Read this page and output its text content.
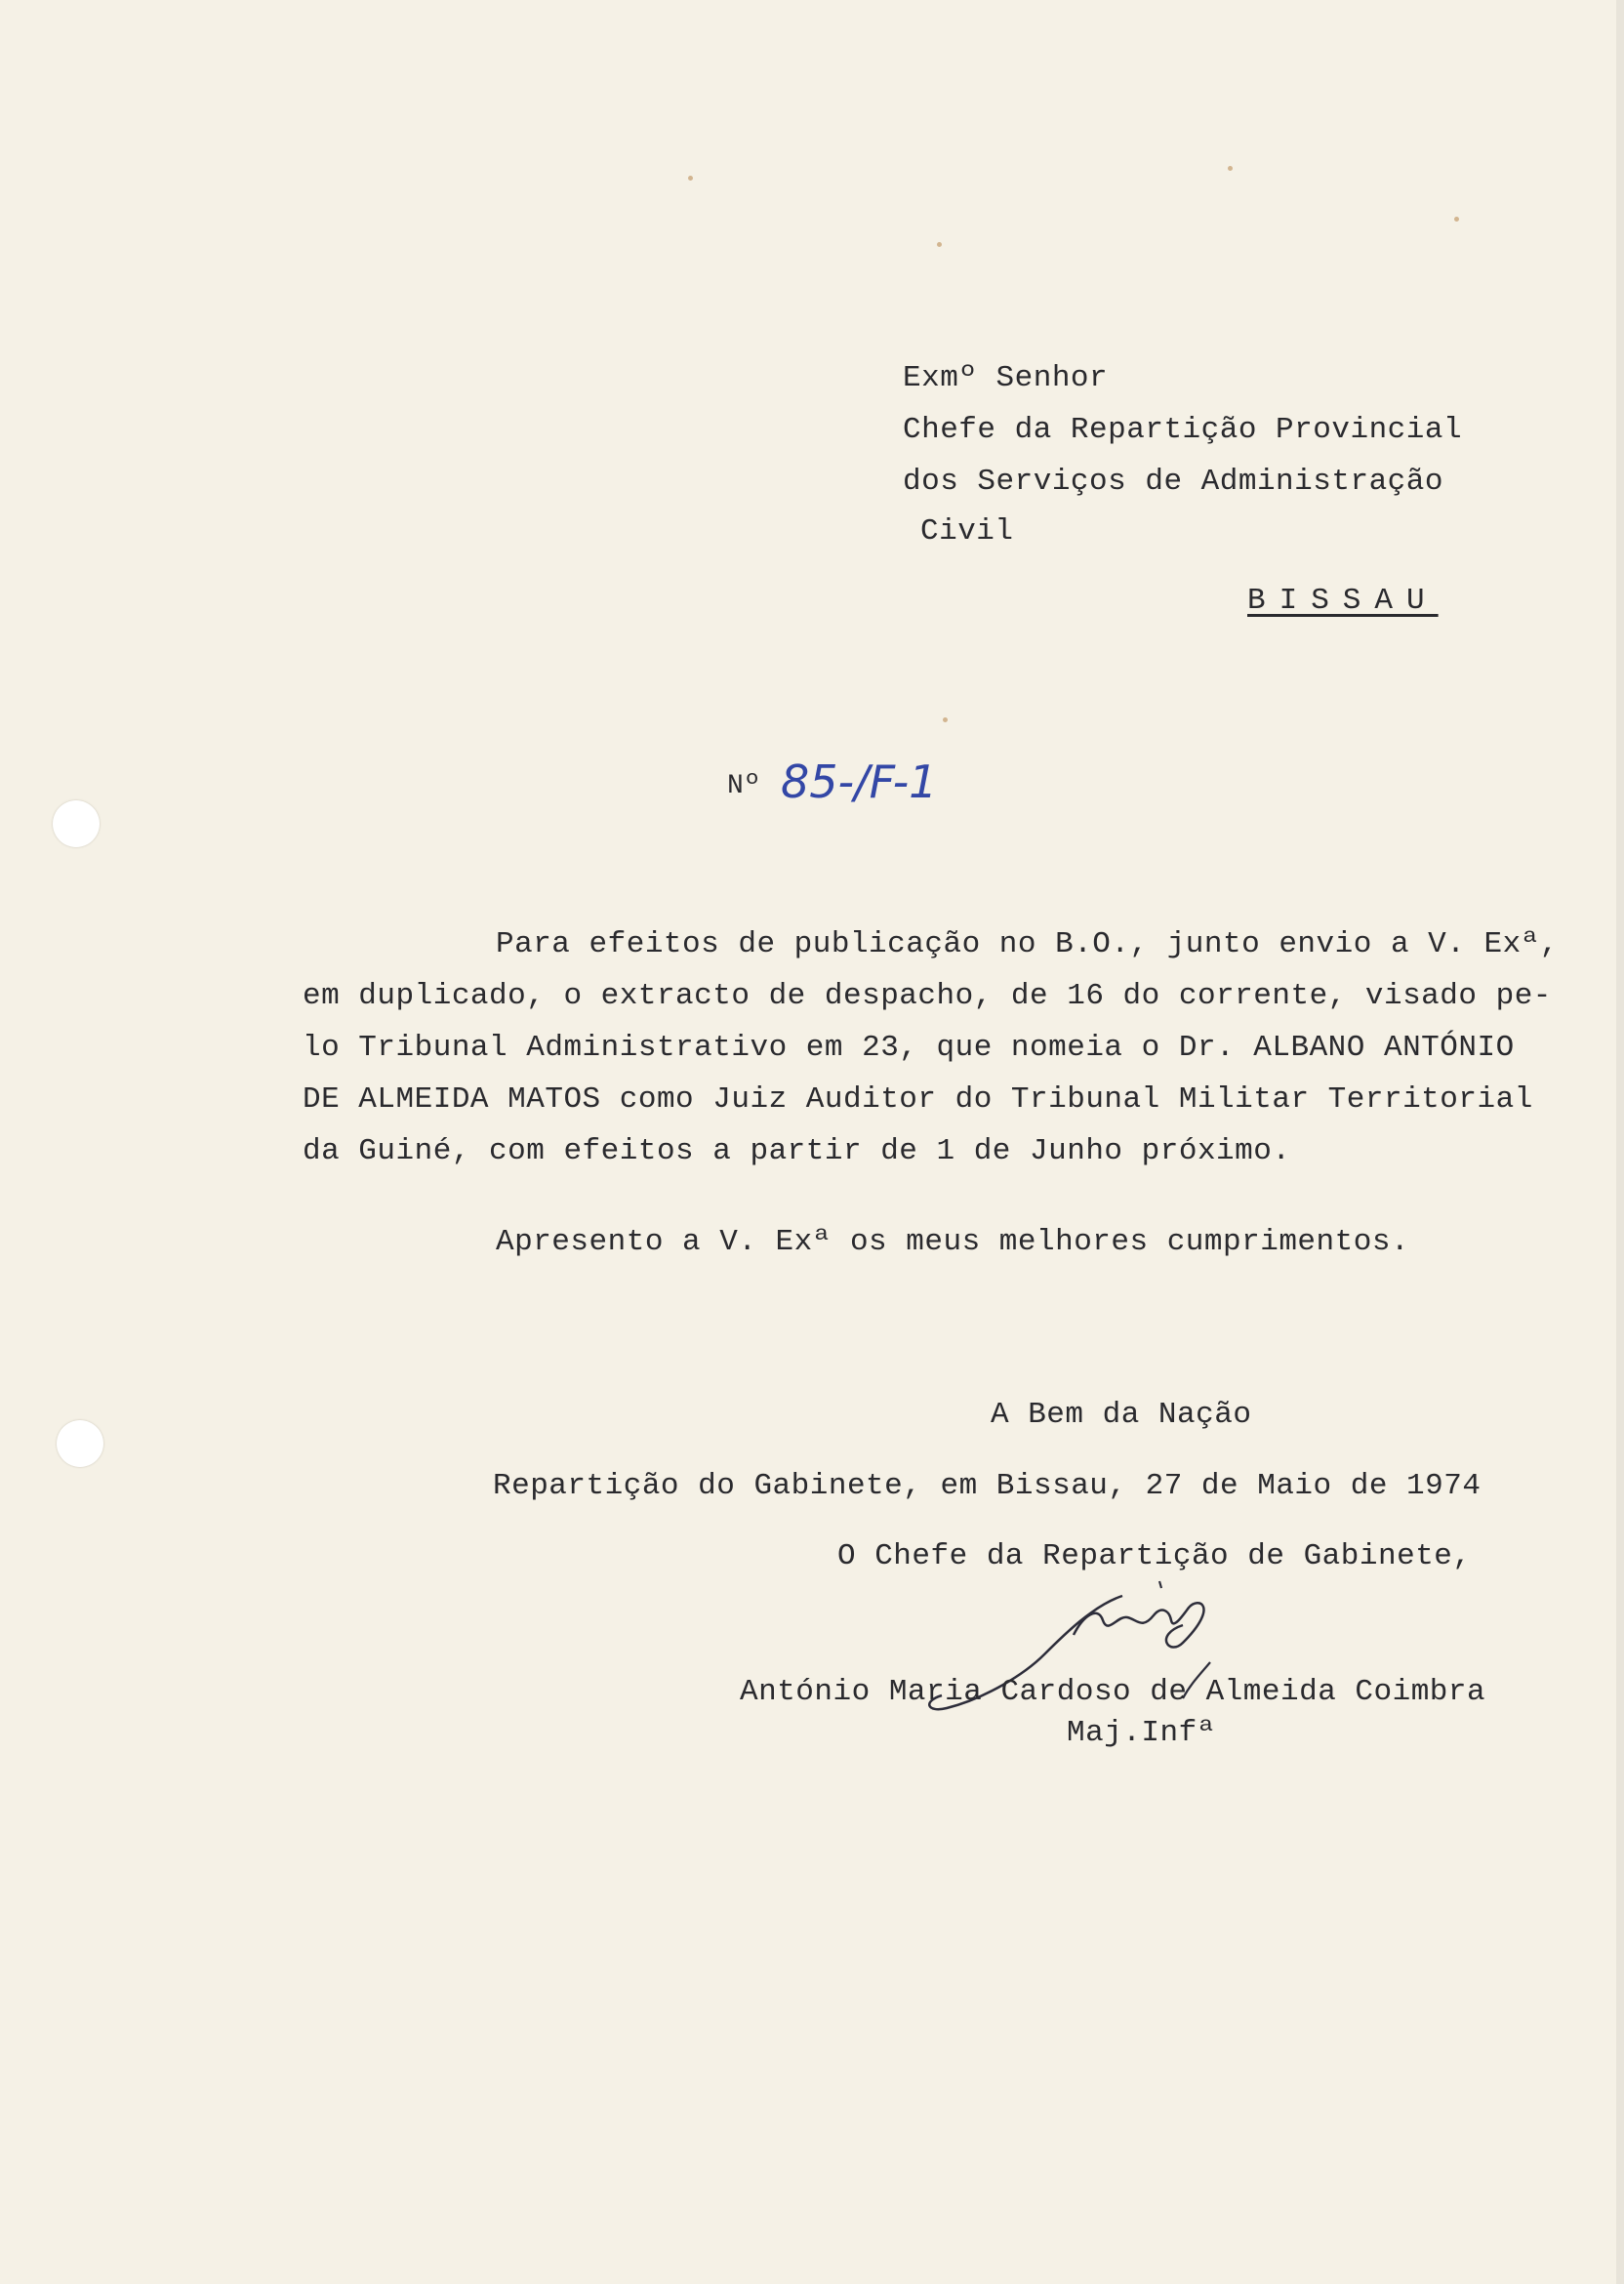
Exmº Senhor
Chefe da Repartição Provincial
dos Serviços de Administração
Civil
BISSAU
Nº 85-/F-1
Para efeitos de publicação no B.O., junto envio a V. Exª,
em duplicado, o extracto de despacho, de 16 do corrente, visado pe-
lo Tribunal Administrativo em 23, que nomeia o Dr. ALBANO ANTÓNIO
DE ALMEIDA MATOS como Juiz Auditor do Tribunal Militar Territorial
da Guiné, com efeitos a partir de 1 de Junho próximo.
Apresento a V. Exª os meus melhores cumprimentos.
A Bem da Nação
Repartição do Gabinete, em Bissau, 27 de Maio de 1974
O Chefe da Repartição de Gabinete,
António Maria Cardoso de Almeida Coimbra
Maj.Infª
